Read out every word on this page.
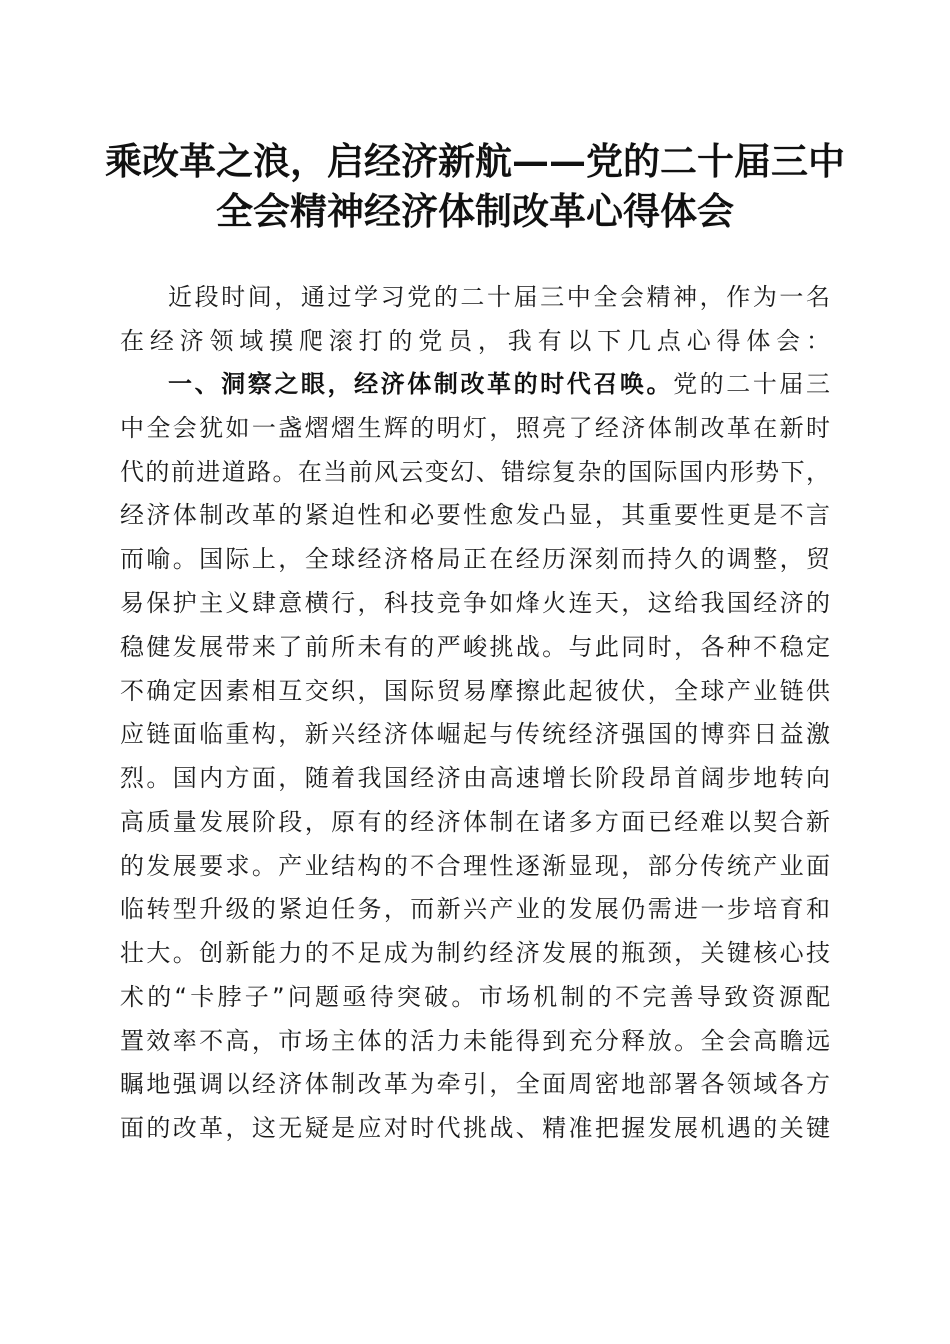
乘改革之浪，启经济新航——党的二十届三中
全会精神经济体制改革心得体会
近段时间，通过学习党的二十届三中全会精神，作为一名
在经济领域摸爬滚打的党员，我有以下几点心得体会：
一、洞察之眼，经济体制改革的时代召唤。党的二十届三
中全会犹如一盏熠熠生辉的明灯，照亮了经济体制改革在新时
代的前进道路。在当前风云变幻、错综复杂的国际国内形势下，
经济体制改革的紧迫性和必要性愈发凸显，其重要性更是不言
而喻。国际上，全球经济格局正在经历深刻而持久的调整，贸
易保护主义肆意横行，科技竞争如烽火连天，这给我国经济的
稳健发展带来了前所未有的严峻挑战。与此同时，各种不稳定
不确定因素相互交织，国际贸易摩擦此起彼伏，全球产业链供
应链面临重构，新兴经济体崛起与传统经济强国的博弈日益激
烈。国内方面，随着我国经济由高速增长阶段昂首阔步地转向
高质量发展阶段，原有的经济体制在诸多方面已经难以契合新
的发展要求。产业结构的不合理性逐渐显现，部分传统产业面
临转型升级的紧迫任务，而新兴产业的发展仍需进一步培育和
壮大。创新能力的不足成为制约经济发展的瓶颈，关键核心技
术的“卡脖子”问题亟待突破。市场机制的不完善导致资源配
置效率不高，市场主体的活力未能得到充分释放。全会高瞻远
瞩地强调以经济体制改革为牵引，全面周密地部署各领域各方
面的改革，这无疑是应对时代挑战、精准把握发展机遇的关键
